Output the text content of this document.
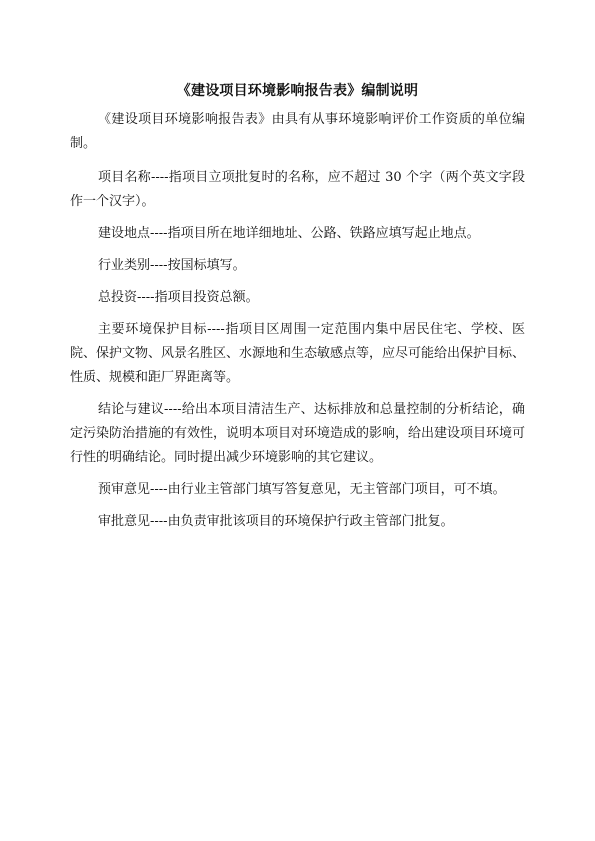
《建设项目环境影响报告表》编制说明

《建设项目环境影响报告表》由具有从事环境影响评价工作资质的单位编制。

项目名称----指项目立项批复时的名称，应不超过 30 个字（两个英文字段作一个汉字）。

建设地点----指项目所在地详细地址、公路、铁路应填写起止地点。

行业类别----按国标填写。

总投资----指项目投资总额。

主要环境保护目标----指项目区周围一定范围内集中居民住宅、学校、医院、保护文物、风景名胜区、水源地和生态敏感点等，应尽可能给出保护目标、性质、规模和距厂界距离等。

结论与建议----给出本项目清洁生产、达标排放和总量控制的分析结论，确定污染防治措施的有效性，说明本项目对环境造成的影响，给出建设项目环境可行性的明确结论。同时提出减少环境影响的其它建议。

预审意见----由行业主管部门填写答复意见，无主管部门项目，可不填。

审批意见----由负责审批该项目的环境保护行政主管部门批复。
